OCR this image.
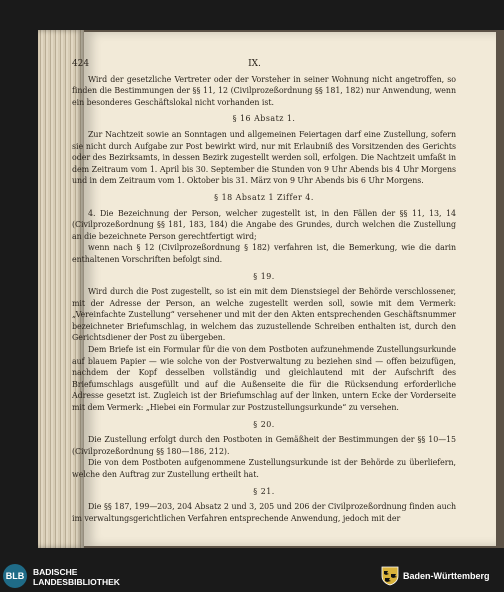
424	IX.

Wird der gesetzliche Vertreter oder der Vorsteher in seiner Wohnung nicht angetroffen, so finden die Bestimmungen der §§ 11, 12 (Civilprozeßordnung §§ 181, 182) nur Anwendung, wenn ein besonderes Geschäftslokal nicht vorhanden ist.

§ 16 Absatz 1.

Zur Nachtzeit sowie an Sonntagen und allgemeinen Feiertagen darf eine Zustellung, sofern sie nicht durch Aufgabe zur Post bewirkt wird, nur mit Erlaubniß des Vorsitzenden des Gerichts oder des Bezirksamts, in dessen Bezirk zugestellt werden soll, erfolgen. Die Nachtzeit umfaßt in dem Zeitraum vom 1. April bis 30. September die Stunden von 9 Uhr Abends bis 4 Uhr Morgens und in dem Zeitraum vom 1. Oktober bis 31. März von 9 Uhr Abends bis 6 Uhr Morgens.

§ 18 Absatz 1 Ziffer 4.

4. Die Bezeichnung der Person, welcher zugestellt ist, in den Fällen der §§ 11, 13, 14 (Civilprozeßordnung §§ 181, 183, 184) die Angabe des Grundes, durch welchen die Zustellung an die bezeichnete Person gerechtfertigt wird;

wenn nach § 12 (Civilprozeßordnung § 182) verfahren ist, die Bemerkung, wie die darin enthaltenen Vorschriften befolgt sind.

§ 19.

Wird durch die Post zugestellt, so ist ein mit dem Dienstsiegel der Behörde verschlossener, mit der Adresse der Person, an welche zugestellt werden soll, sowie mit dem Vermerk: „Vereinfachte Zustellung“ versehener und mit der den Akten entsprechenden Geschäftsnummer bezeichneter Briefumschlag, in welchem das zuzustellende Schreiben enthalten ist, durch den Gerichtsdiener der Post zu übergeben.

Dem Briefe ist ein Formular für die von dem Postboten aufzunehmende Zustellungsurkunde auf blauem Papier — wie solche von der Postverwaltung zu beziehen sind — offen beizufügen, nachdem der Kopf desselben vollständig und gleichlautend mit der Aufschrift des Briefumschlags ausgefüllt und auf die Außenseite die für die Rücksendung erforderliche Adresse gesetzt ist. Zugleich ist der Briefumschlag auf der linken, untern Ecke der Vorderseite mit dem Vermerk: „Hiebei ein Formular zur Postzustellungsurkunde“ zu versehen.

§ 20.

Die Zustellung erfolgt durch den Postboten in Gemäßheit der Bestimmungen der §§ 10—15 (Civilprozeßordnung §§ 180—186, 212).

Die von dem Postboten aufgenommene Zustellungsurkunde ist der Behörde zu überliefern, welche den Auftrag zur Zustellung ertheilt hat.

§ 21.

Die §§ 187, 199—203, 204 Absatz 2 und 3, 205 und 206 der Civilprozeßordnung finden auch im verwaltungsgerichtlichen Verfahren entsprechende Anwendung, jedoch mit der

BLB BADISCHE
LANDESBIBLIOTHEK
Baden-Württemberg
